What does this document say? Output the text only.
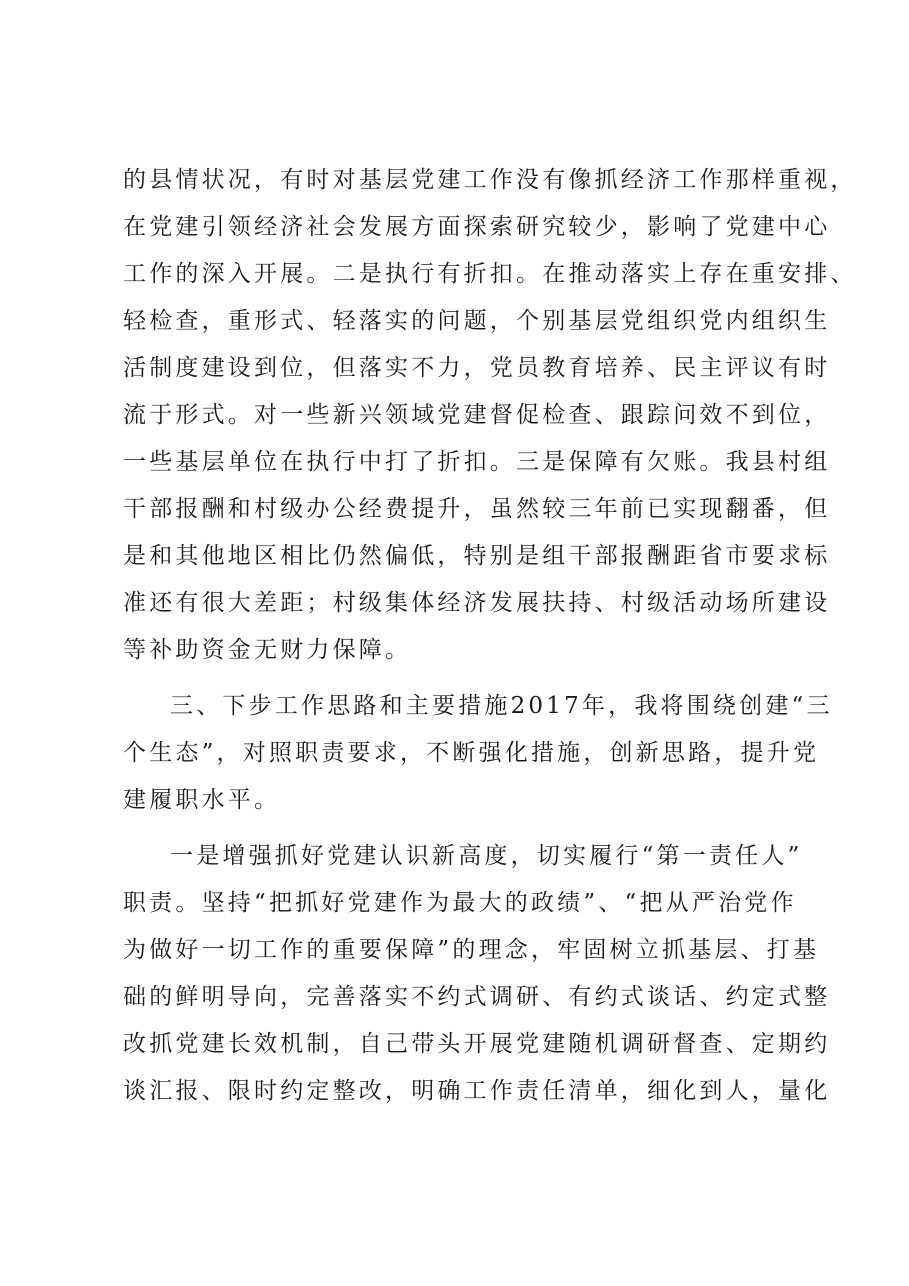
的县情状况，有时对基层党建工作没有像抓经济工作那样重视，
在党建引领经济社会发展方面探索研究较少，影响了党建中心
工作的深入开展。二是执行有折扣。在推动落实上存在重安排、
轻检查，重形式、轻落实的问题，个别基层党组织党内组织生
活制度建设到位，但落实不力，党员教育培养、民主评议有时
流于形式。对一些新兴领域党建督促检查、跟踪问效不到位，
一些基层单位在执行中打了折扣。三是保障有欠账。我县村组
干部报酬和村级办公经费提升，虽然较三年前已实现翻番，但
是和其他地区相比仍然偏低，特别是组干部报酬距省市要求标
准还有很大差距；村级集体经济发展扶持、村级活动场所建设
等补助资金无财力保障。
三、下步工作思路和主要措施2017年，我将围绕创建“三
个生态”，对照职责要求，不断强化措施，创新思路，提升党
建履职水平。
一是增强抓好党建认识新高度，切实履行“第一责任人”
职责。坚持“把抓好党建作为最大的政绩”、“把从严治党作
为做好一切工作的重要保障”的理念，牢固树立抓基层、打基
础的鲜明导向，完善落实不约式调研、有约式谈话、约定式整
改抓党建长效机制，自己带头开展党建随机调研督查、定期约
谈汇报、限时约定整改，明确工作责任清单，细化到人，量化
